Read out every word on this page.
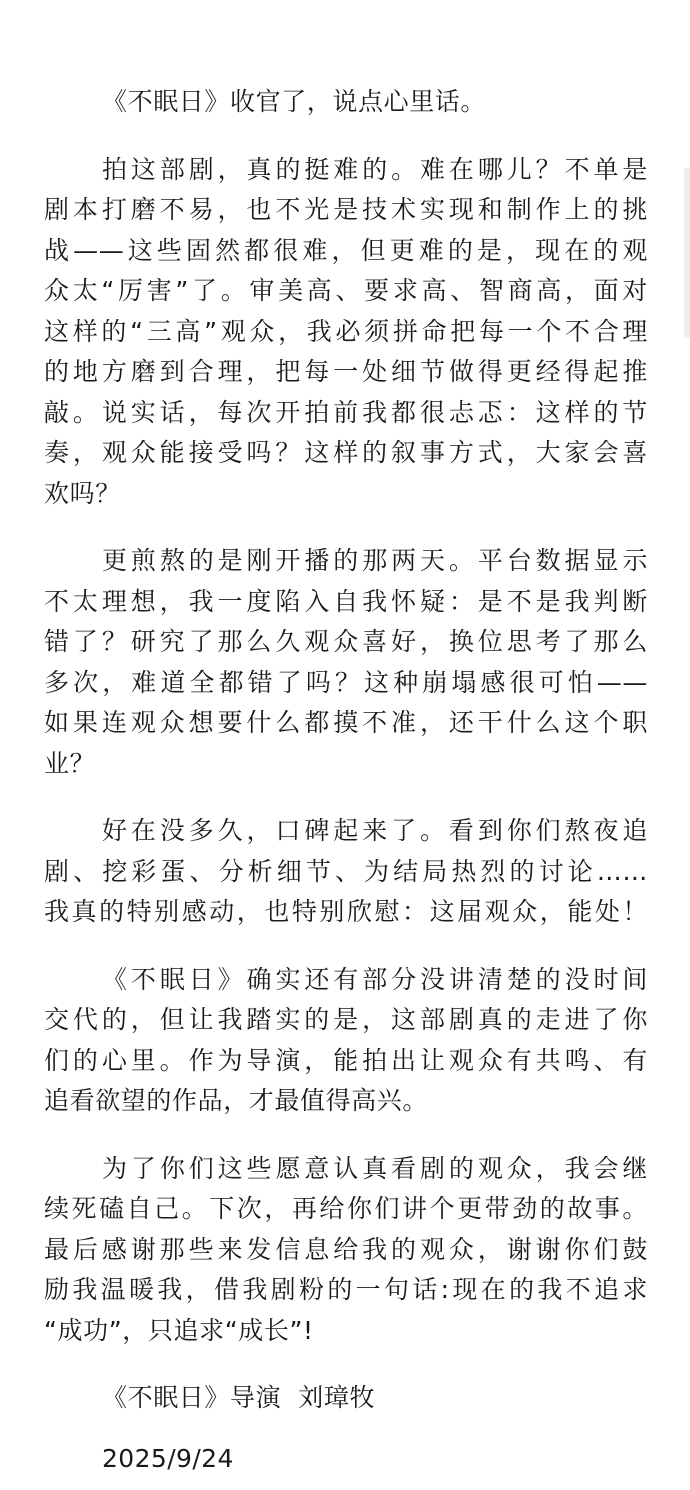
《不眠日》收官了，说点心里话。
拍这部剧，真的挺难的。难在哪儿？不单是
剧本打磨不易，也不光是技术实现和制作上的挑
战——这些固然都很难，但更难的是，现在的观
众太“厉害”了。审美高、要求高、智商高，面对
这样的“三高”观众，我必须拼命把每一个不合理
的地方磨到合理，把每一处细节做得更经得起推
敲。说实话，每次开拍前我都很忐忑：这样的节
奏，观众能接受吗？这样的叙事方式，大家会喜
欢吗？
更煎熬的是刚开播的那两天。平台数据显示
不太理想，我一度陷入自我怀疑：是不是我判断
错了？研究了那么久观众喜好，换位思考了那么
多次，难道全都错了吗？这种崩塌感很可怕——
如果连观众想要什么都摸不准，还干什么这个职
业？
好在没多久，口碑起来了。看到你们熬夜追
剧、挖彩蛋、分析细节、为结局热烈的讨论……
我真的特别感动，也特别欣慰：这届观众，能处！
《不眠日》确实还有部分没讲清楚的没时间
交代的，但让我踏实的是，这部剧真的走进了你
们的心里。作为导演，能拍出让观众有共鸣、有
追看欲望的作品，才最值得高兴。
为了你们这些愿意认真看剧的观众，我会继
续死磕自己。下次，再给你们讲个更带劲的故事。
最后感谢那些来发信息给我的观众，谢谢你们鼓
励我温暖我，借我剧粉的一句话:现在的我不追求
“成功”，只追求“成长”!
《不眠日》导演  刘璋牧
2025/9/24
